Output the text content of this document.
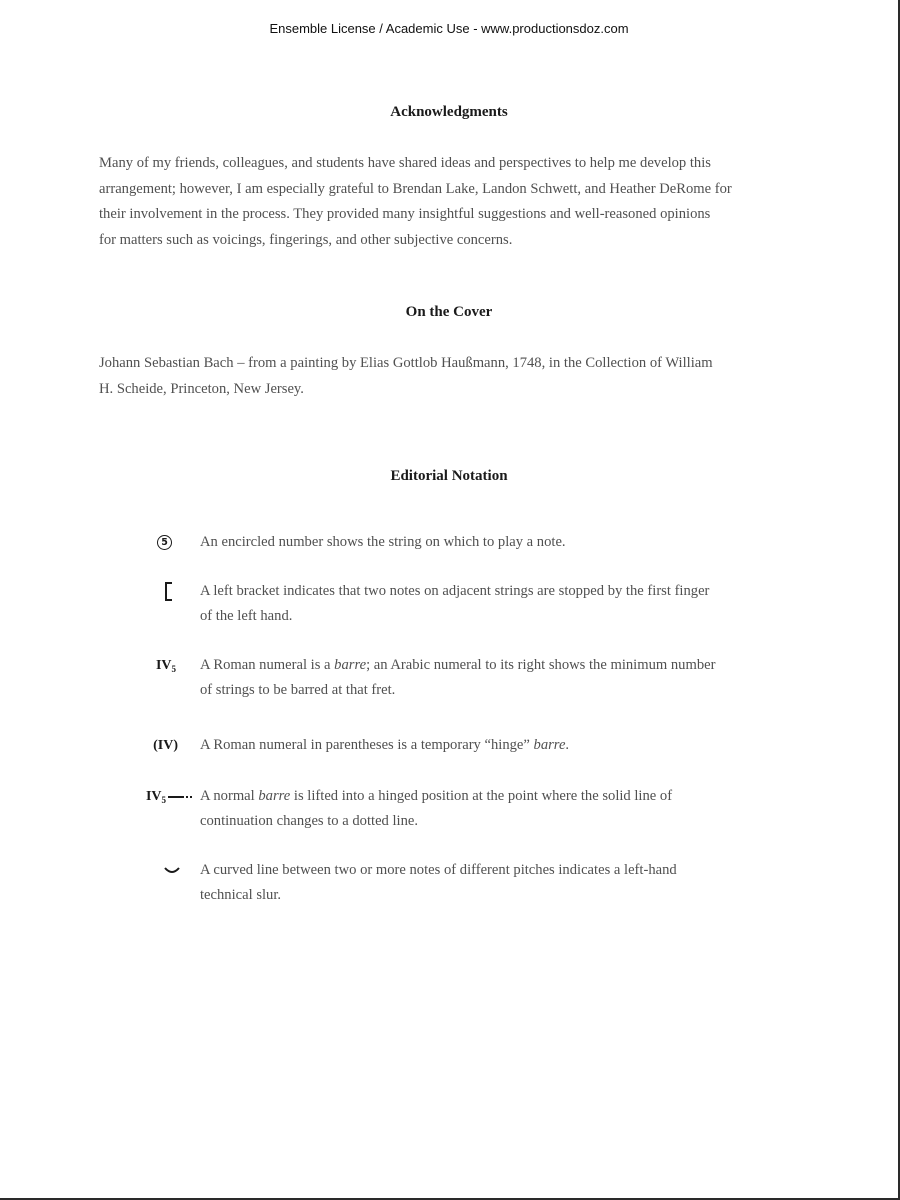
Ensemble License / Academic Use - www.productionsdoz.com
Acknowledgments
Many of my friends, colleagues, and students have shared ideas and perspectives to help me develop this
arrangement; however, I am especially grateful to Brendan Lake, Landon Schwett, and Heather DeRome for
their involvement in the process. They provided many insightful suggestions and well-reasoned opinions
for matters such as voicings, fingerings, and other subjective concerns.
On the Cover
Johann Sebastian Bach – from a painting by Elias Gottlob Haußmann, 1748, in the Collection of William
H. Scheide, Princeton, New Jersey.
Editorial Notation
5 An encircled number shows the string on which to play a note.
A left bracket indicates that two notes on adjacent strings are stopped by the first finger
of the left hand.
$IV_5$ A Roman numeral is a barre; an Arabic numeral to its right shows the minimum number
of strings to be barred at that fret.
(IV) A Roman numeral in parentheses is a temporary “hinge” barre.
$IV_5$	A normal barre is lifted into a hinged position at the point where the solid line of
continuation changes to a dotted line.
A curved line between two or more notes of different pitches indicates a left-hand
technical slur.
